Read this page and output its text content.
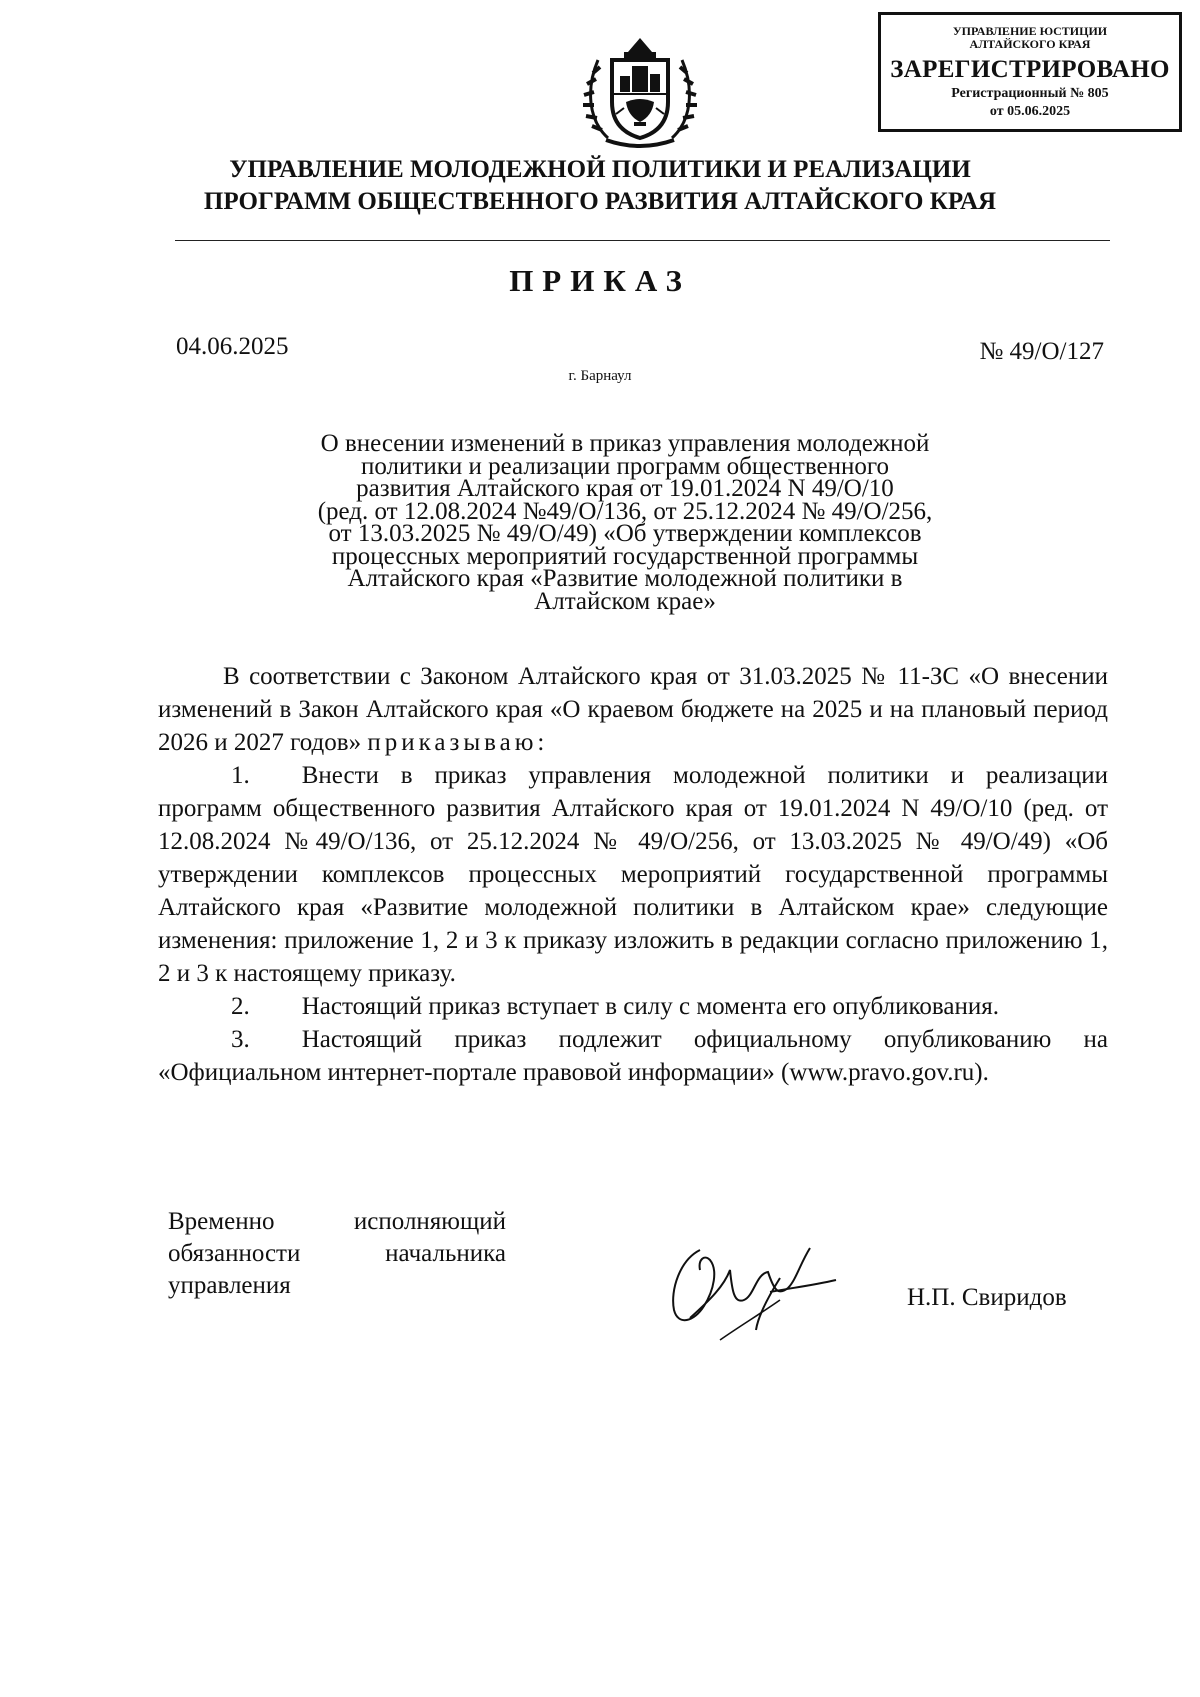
УПРАВЛЕНИЕ ЮСТИЦИИ
АЛТАЙСКОГО КРАЯ
ЗАРЕГИСТРИРОВАНО
Регистрационный № 805
от 05.06.2025
УПРАВЛЕНИЕ МОЛОДЕЖНОЙ ПОЛИТИКИ И РЕАЛИЗАЦИИ
ПРОГРАММ ОБЩЕСТВЕННОГО РАЗВИТИЯ АЛТАЙСКОГО КРАЯ
ПРИКАЗ
04.06.2025	№ 49/О/127
г. Барнаул
О внесении изменений в приказ управления молодежной
политики и реализации программ общественного
развития Алтайского края от 19.01.2024 N 49/О/10
(ред. от 12.08.2024 №49/О/136, от 25.12.2024 № 49/О/256,
от 13.03.2025 № 49/О/49) «Об утверждении комплексов
процессных мероприятий государственной программы
Алтайского края «Развитие молодежной политики в
Алтайском крае»

В соответствии с Законом Алтайского края от 31.03.2025 № 11-ЗС «О внесении изменений в Закон Алтайского края «О краевом бюджете на 2025 и на плановый период 2026 и 2027 годов» приказываю:

1. Внести в приказ управления молодежной политики и реализации программ общественного развития Алтайского края от 19.01.2024 N 49/О/10 (ред. от 12.08.2024 №49/О/136, от 25.12.2024 № 49/О/256, от 13.03.2025 № 49/О/49) «Об утверждении комплексов процессных мероприятий государственной программы Алтайского края «Развитие молодежной политики в Алтайском крае» следующие изменения: приложение 1, 2 и 3 к приказу изложить в редакции согласно приложению 1, 2 и 3 к настоящему приказу.

2. Настоящий приказ вступает в силу с момента его опубликования.

3. Настоящий приказ подлежит официальному опубликованию на «Официальном интернет-портале правовой информации» (www.pravo.gov.ru).

Временно исполняющий
обязанности начальника
управления	Н.П. Свиридов
